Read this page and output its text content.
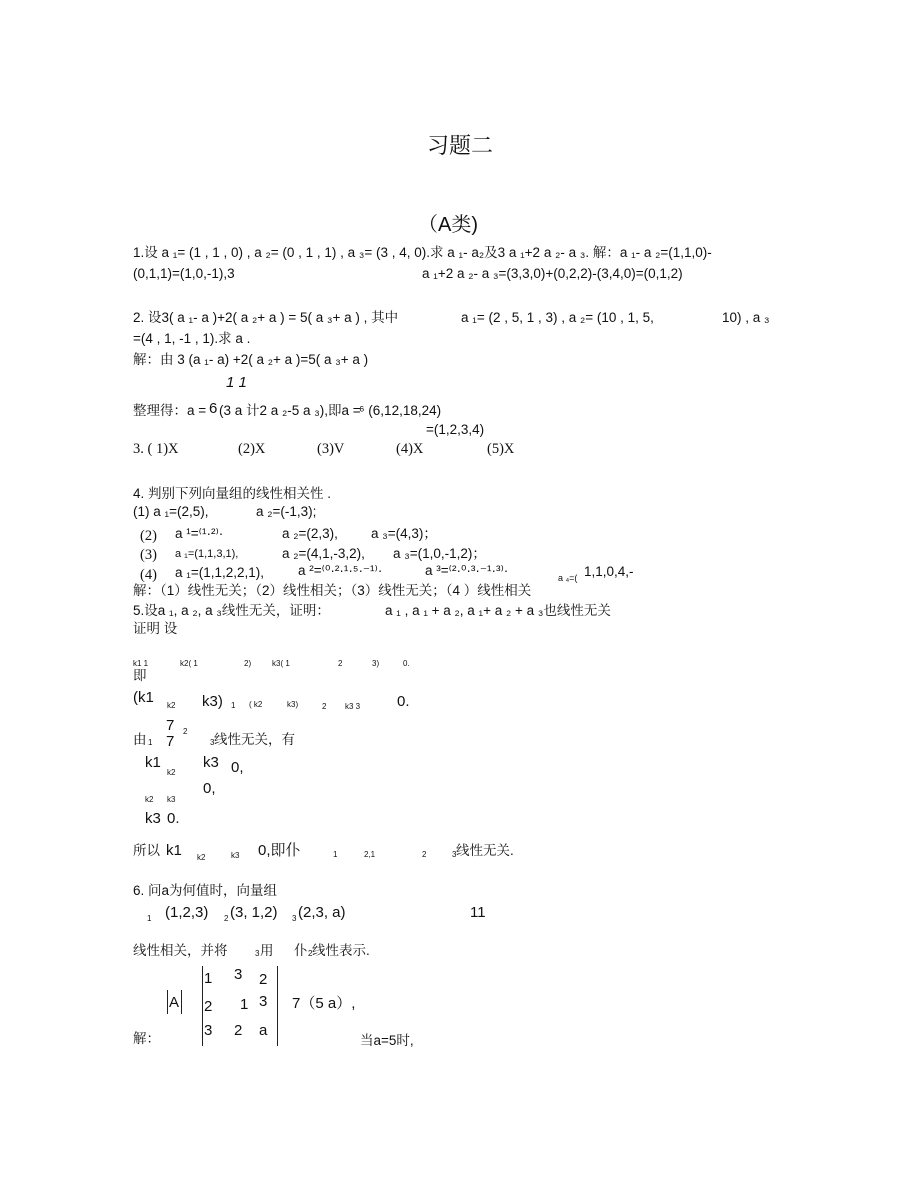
习题二
（A类)
1.设 a ₁= (1 , 1 , 0) , a ₂= (0 , 1 , 1) , a ₃= (3 , 4, 0).求 a ₁- a₂及3 a ₁+2 a ₂- a ₃. 解：a ₁- a ₂=(1,1,0)-
(0,1,1)=(1,0,-1),3	a ₁+2 a ₂- a ₃=(3,3,0)+(0,2,2)-(3,4,0)=(0,1,2)
2. 设3( a ₁- a )+2( a ₂+ a ) = 5( a ₃+ a ) , 其中	a ₁= (2 , 5, 1 , 3) , a ₂= (10 , 1, 5,	10) , a ₃
=(4 , 1, -1 , 1).求 a .
解：由 3 (a ₁- a) +2( a ₂+ a )=5( a ₃+ a )
1 1
整理得：a = 6 (3 a 计2 a ₂-5 a ₃),即a =
⁶ (6,12,18,24)
=(1,2,3,4)
3. ( 1)X	(2)X	(3)V	(4)X	(5)X
4. 判别下列向量组的线性相关性 .
(1) a ₁=(2,5),	a ₂=(-1,3);
(2) a ¹=⁽¹·²⁾·	a ₂=(2,3), a ₃=(4,3)；
(3) a ₁=(1,1,3,1),	a ₂=(4,1,-3,2), a ₃=(1,0,-1,2)；
(4) a ₁=(1,1,2,2,1),	a ²=⁽⁰·²·¹·⁵·⁻¹⁾·	a ³=⁽²·⁰·³·⁻¹·³⁾·	a ₄=( 1,1,0,4,-
解：（1）线性无关；（2）线性相关；（3）线性无关；（4 ）线性相关
5.设a ₁, a ₂, a ₃线性无关，证明：	a ₁ , a ₁ + a ₂, a ₁+ a ₂ + a ₃也线性无关
证明 设
k1 1	k2( 1	2)	k3( 1	2	3)	0.
即
(k1 k2 k3) 1 ( k2	k3)	2 k3 3 0.
7 2
由 1 7	3 线性无关，有
k1
k2
k3 0,
k2 k3
0,
k3 0.
所以 k1 k2	k3 0,即仆	1	2,1	2	3 线性无关.
6. 问a为何值时，向量组
1 (1,2,3) 2 (3, 1,2) 3 (2,3, a)	11
线性相关，并将	3 用 仆 2 线性表示.
A
1 3 2
2 1 3
3 2 a
7（5 a）,
解：	当a=5时,
